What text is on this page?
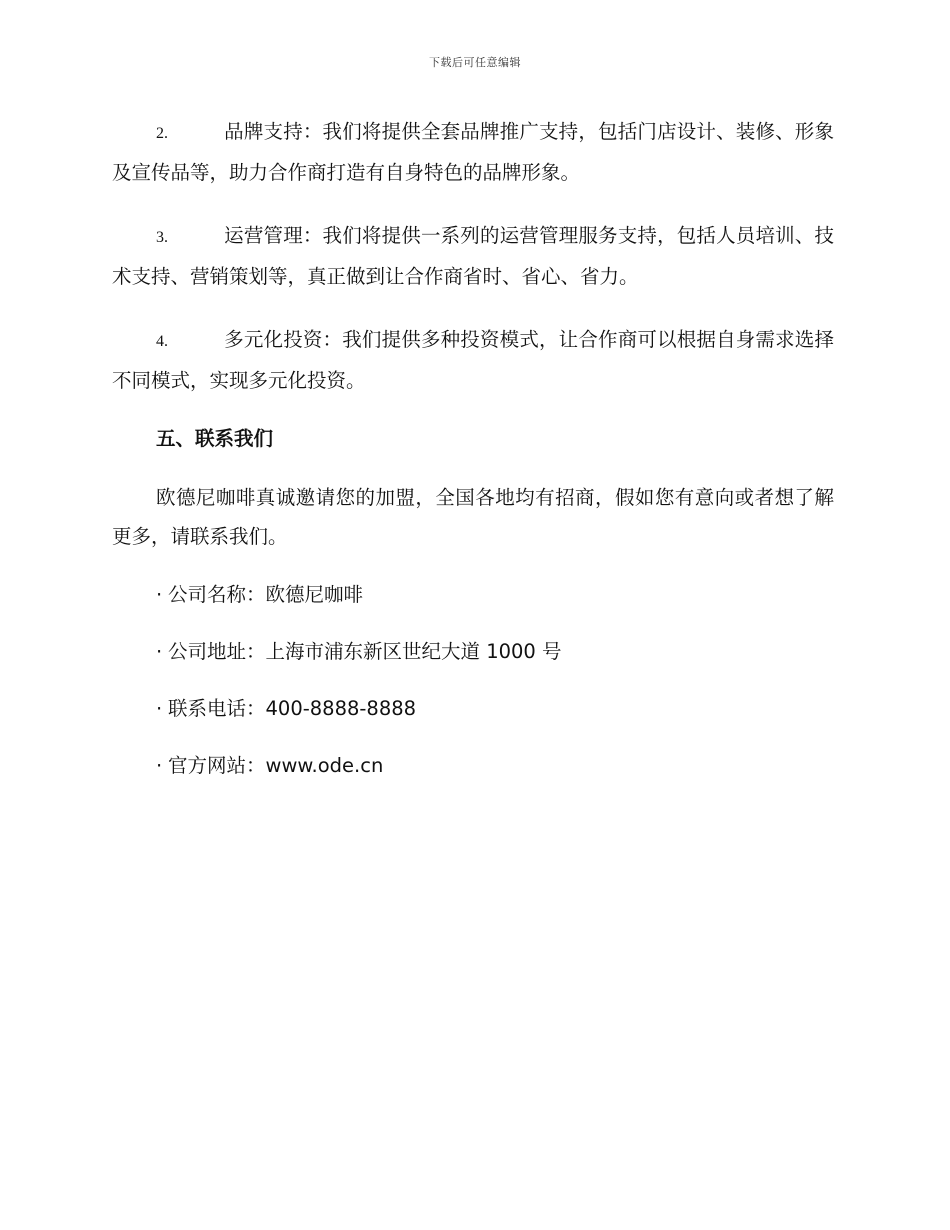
下载后可任意编辑

2.	品牌支持：我们将提供全套品牌推广支持，包括门店设计、装修、形象及宣传品等，助力合作商打造有自身特色的品牌形象。

3.	运营管理：我们将提供一系列的运营管理服务支持，包括人员培训、技术支持、营销策划等，真正做到让合作商省时、省心、省力。

4.	多元化投资：我们提供多种投资模式，让合作商可以根据自身需求选择不同模式，实现多元化投资。

五、联系我们

欧德尼咖啡真诚邀请您的加盟，全国各地均有招商，假如您有意向或者想了解更多，请联系我们。

· 公司名称：欧德尼咖啡
· 公司地址：上海市浦东新区世纪大道 1000 号
· 联系电话：400-8888-8888
· 官方网站：www.ode.cn
